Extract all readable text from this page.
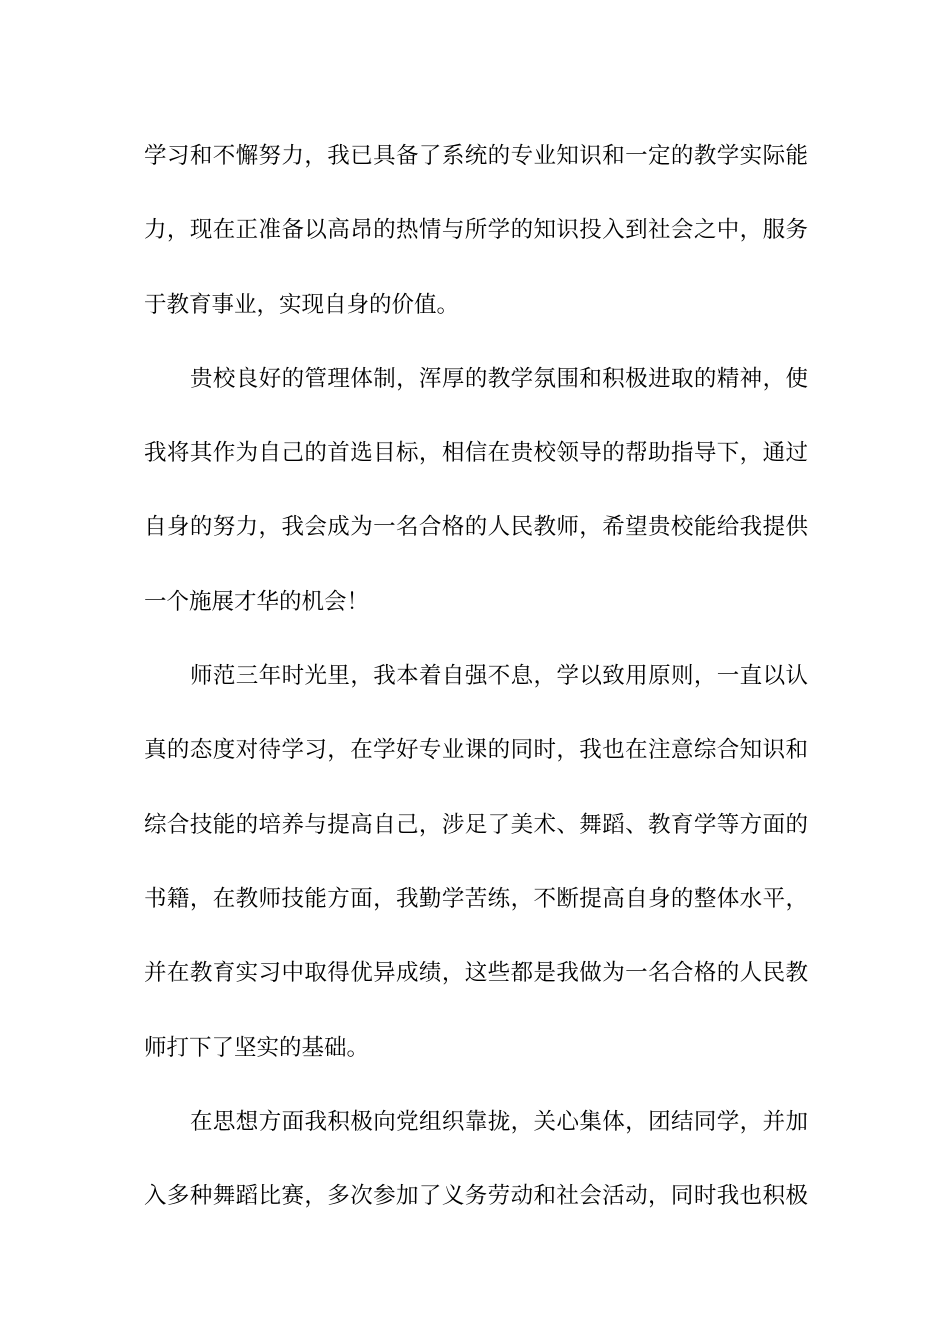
学习和不懈努力，我已具备了系统的专业知识和一定的教学实际能
力，现在正准备以高昂的热情与所学的知识投入到社会之中，服务
于教育事业，实现自身的价值。
贵校良好的管理体制，浑厚的教学氛围和积极进取的精神，使
我将其作为自己的首选目标，相信在贵校领导的帮助指导下，通过
自身的努力，我会成为一名合格的人民教师，希望贵校能给我提供
一个施展才华的机会！
师范三年时光里，我本着自强不息，学以致用原则，一直以认
真的态度对待学习，在学好专业课的同时，我也在注意综合知识和
综合技能的培养与提高自己，涉足了美术、舞蹈、教育学等方面的
书籍，在教师技能方面，我勤学苦练，不断提高自身的整体水平，
并在教育实习中取得优异成绩，这些都是我做为一名合格的人民教
师打下了坚实的基础。
在思想方面我积极向党组织靠拢，关心集体，团结同学，并加
入多种舞蹈比赛，多次参加了义务劳动和社会活动，同时我也积极
